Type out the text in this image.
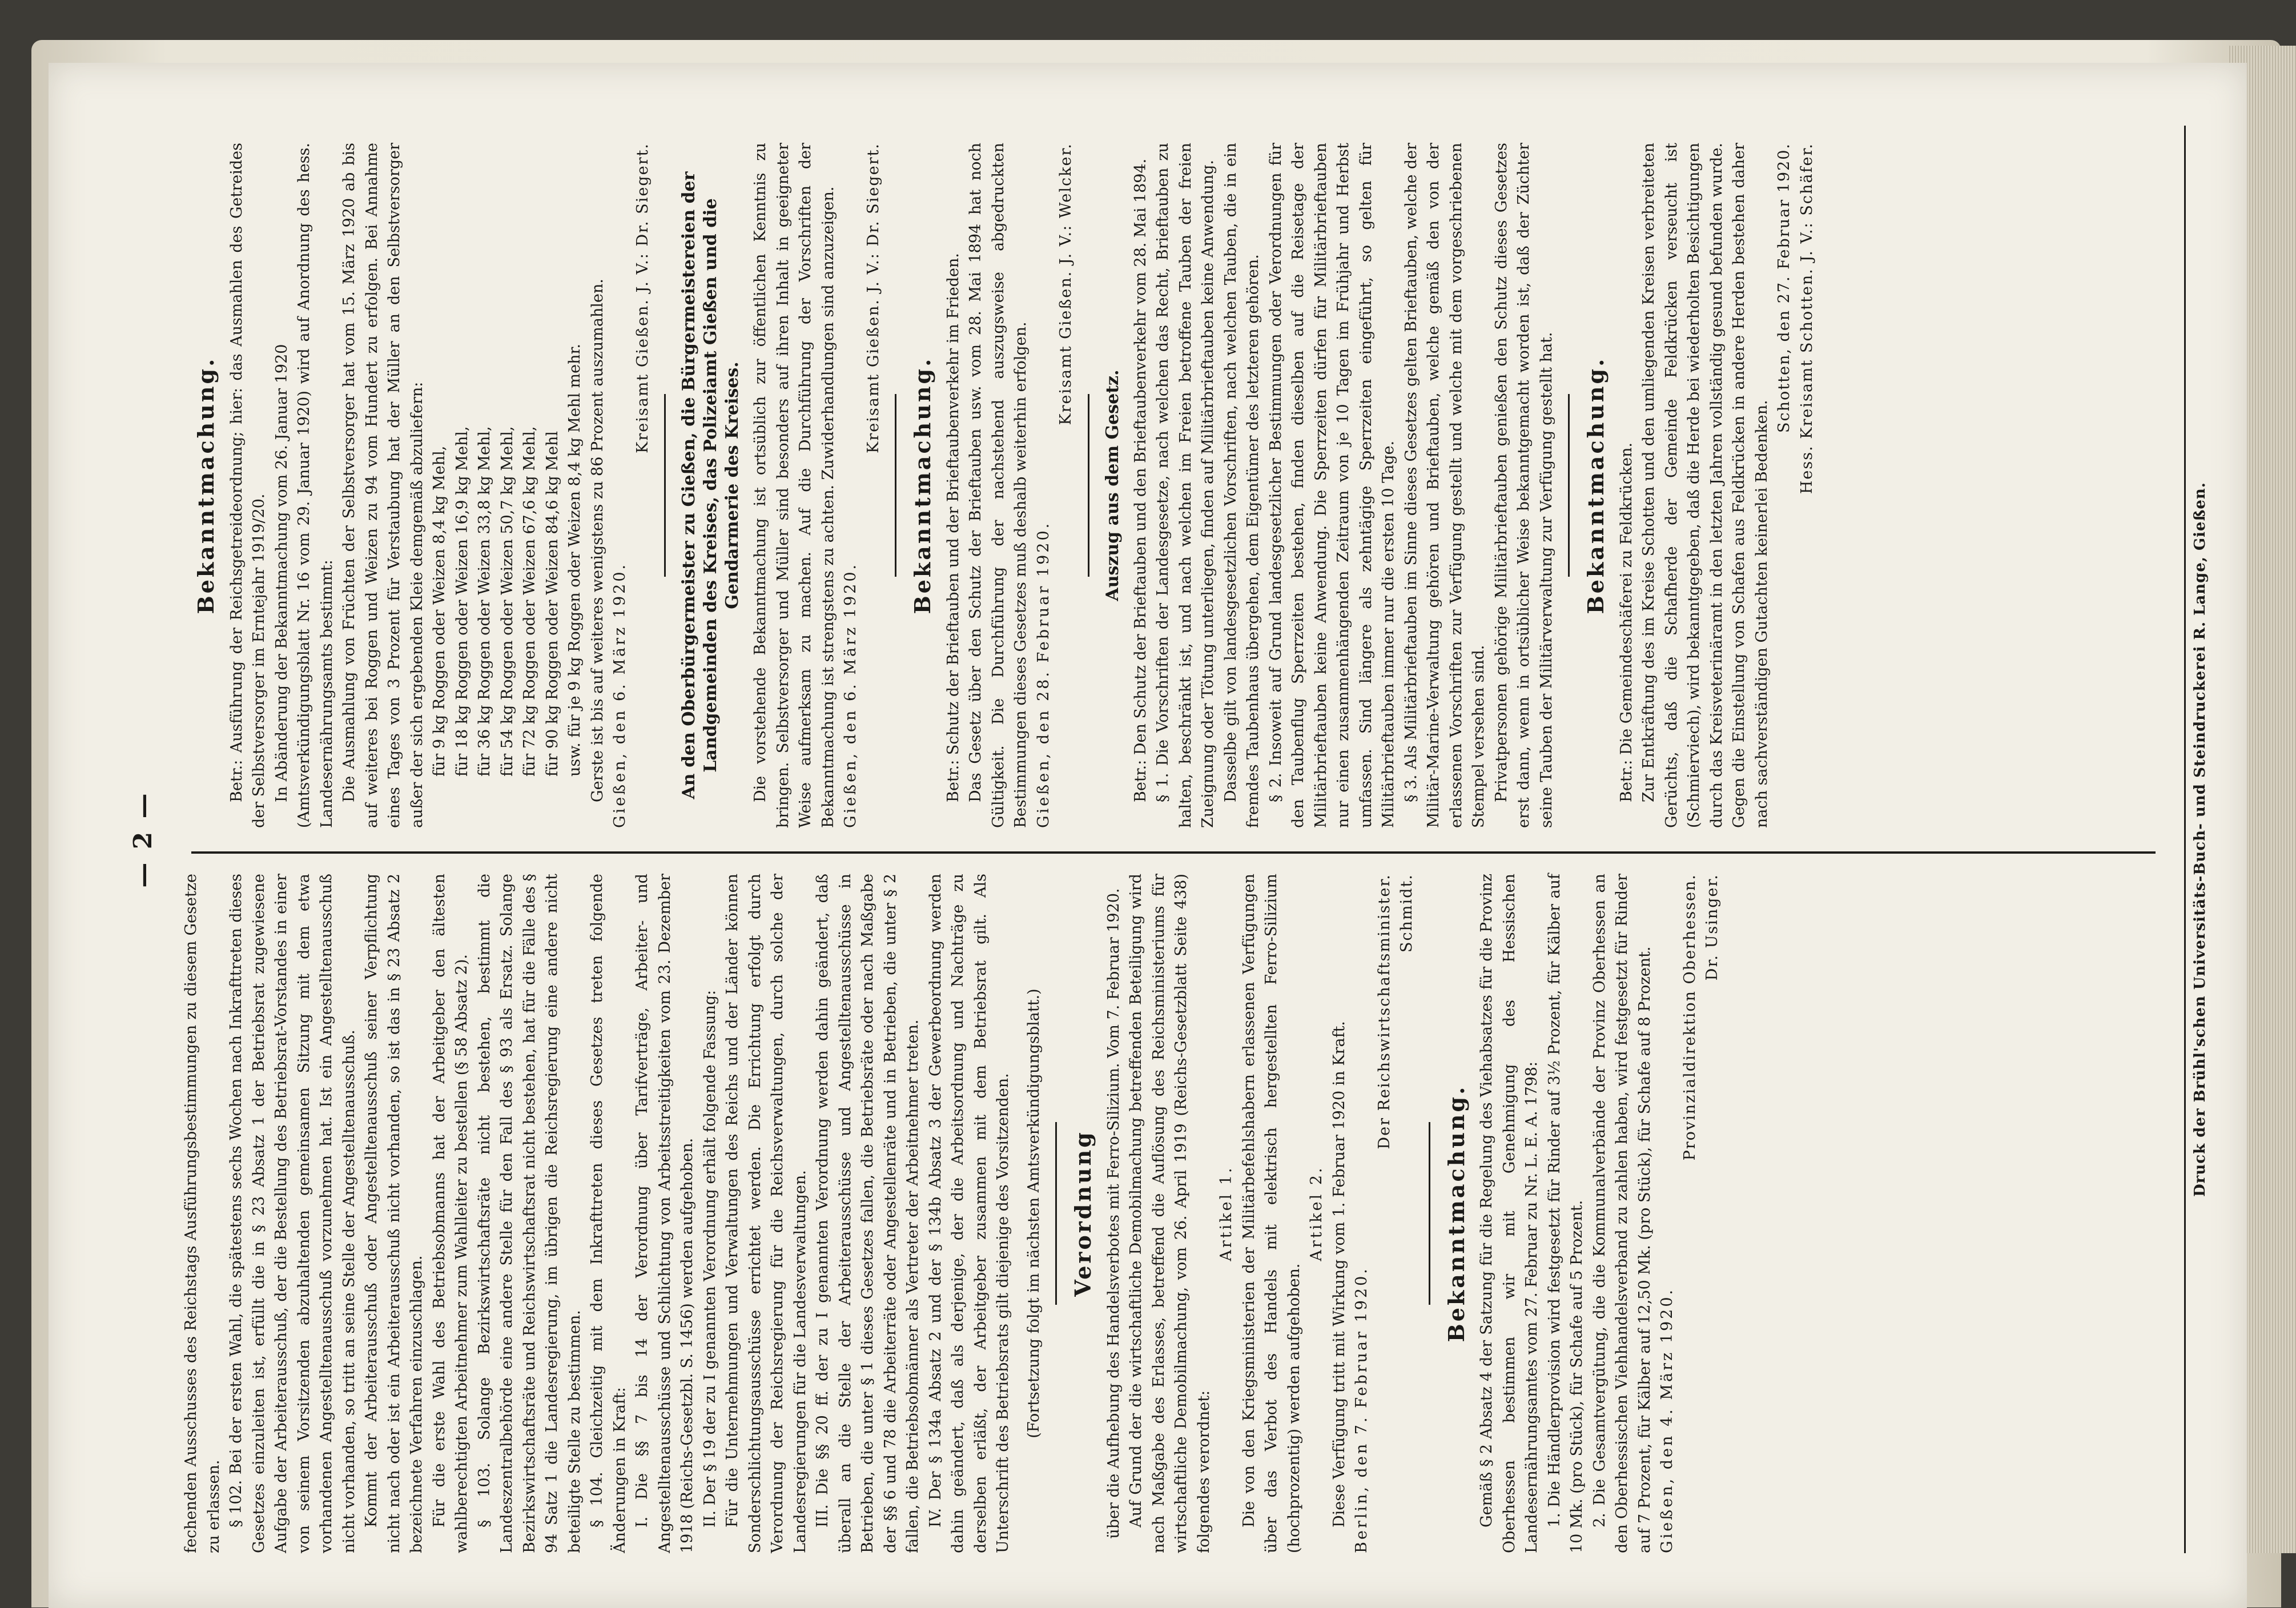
— 2 —

fechenden Ausschusses des Reichstags Ausführungsbestimmungen zu diesem Gesetze zu erlassen. § 102. Bei der ersten Wahl, die spätestens sechs Wochen nach Inkrafttreten dieses Gesetzes einzuleiten ist, erfüllt die in § 23 Absatz 1 der Betriebsrat zugewiesene Aufgabe der Arbeiterausschuß, der die Bestellung des Betriebsrat-Vorstandes in einer von seinem Vorsitzenden abzuhaltenden gemeinsamen Sitzung mit dem etwa vorhandenen Angestelltenausschuß vorzunehmen hat. Ist ein Angestelltenausschuß nicht vorhanden, so tritt an seine Stelle der Angestelltenausschuß. Kommt der Arbeiterausschuß oder Angestelltenausschuß seiner Verpflichtung nicht nach oder ist ein Arbeiterausschuß nicht vorhanden, so ist das in § 23 Absatz 2 bezeichnete Verfahren einzuschlagen. Für die erste Wahl des Betriebsobmanns hat der Arbeitgeber den ältesten wahlberechtigten Arbeitnehmer zum Wahlleiter zu bestellen (§ 58 Absatz 2). § 103. Solange Bezirkswirtschaftsräte nicht bestehen, bestimmt die Landeszentralbehörde eine andere Stelle für den Fall des § 93 als Ersatz. Solange Bezirkswirtschaftsräte und Reichswirtschaftsrat nicht bestehen, hat für die Fälle des § 94 Satz 1 die Landesregierung, im übrigen die Reichsregierung eine andere nicht beteiligte Stelle zu bestimmen. § 104. Gleichzeitig mit dem Inkrafttreten dieses Gesetzes treten folgende Änderungen in Kraft: I. Die §§ 7 bis 14 der Verordnung über Tarifverträge, Arbeiter- und Angestelltenausschüsse und Schlichtung von Arbeitsstreitigkeiten vom 23. Dezember 1918 (Reichs-Gesetzbl. S. 1456) werden aufgehoben. II. Der § 19 der zu I genannten Verordnung erhält folgende Fassung: Für die Unternehmungen und Verwaltungen des Reichs und der Länder können Sonderschlichtungsausschüsse errichtet werden. Die Errichtung erfolgt durch Verordnung der Reichsregierung für die Reichsverwaltungen, durch solche der Landesregierungen für die Landesverwaltungen. III. Die §§ 20 ff. der zu I genannten Verordnung werden dahin geändert, daß überall an die Stelle der Arbeiterausschüsse und Angestelltenausschüsse in Betrieben, die unter § 1 dieses Gesetzes fallen, die Betriebsräte oder nach Maßgabe der §§ 6 und 78 die Arbeiterräte oder Angestellenräte und in Betrieben, die unter § 2 fallen, die Betriebsobmänner als Vertreter der Arbeitnehmer treten. IV. Der § 134a Absatz 2 und der § 134b Absatz 3 der Gewerbeordnung werden dahin geändert, daß als derjenige, der die Arbeitsordnung und Nachträge zu derselben erläßt, der Arbeitgeber zusammen mit dem Betriebsrat gilt. Als Unterschrift des Betriebsrats gilt diejenige des Vorsitzenden. (Fortsetzung folgt im nächsten Amtsverkündigungsblatt.) Verordnung über die Aufhebung des Handelsverbotes mit Ferro-Silizium. Vom 7. Februar 1920. Auf Grund der die wirtschaftliche Demobilmachung betreffenden Beteiligung wird nach Maßgabe des Erlasses, betreffend die Auflösung des Reichsministeriums für wirtschaftliche Demobilmachung, vom 26. April 1919 (Reichs-Gesetzblatt Seite 438) folgendes verordnet:

Artikel 1. Die von den Kriegsministerien der Militärbefehlshabern erlassenen Verfügungen über das Verbot des Handels mit elektrisch hergestellten Ferro-Silizium (hochprozentig) werden aufgehoben.

Artikel 2. Diese Verfügung tritt mit Wirkung vom 1. Februar 1920 in Kraft. Berlin, den 7. Februar 1920.

Der Reichswirtschaftsminister. Schmidt.

Bekanntmachung. Gemäß § 2 Absatz 4 der Satzung für die Regelung des Viehabsatzes für die Provinz Oberhessen bestimmen wir mit Genehmigung des Hessischen Landesernährungsamtes vom 27. Februar zu Nr. L. E. A. 1798: 1. Die Händlerprovision wird festgesetzt für Rinder auf 3½ Prozent, für Kälber auf 10 Mk. (pro Stück), für Schafe auf 5 Prozent. 2. Die Gesamtvergütung, die die Kommunalverbände der Provinz Oberhessen an den Oberhessischen Viehhandelsverband zu zahlen haben, wird festgesetzt für Rinder auf 7 Prozent, für Kälber auf 12,50 Mk. (pro Stück), für Schafe auf 8 Prozent. Gießen, den 4. März 1920.

Provinzialdirektion Oberhessen. Dr. Usinger.

Bekanntmachung. Betr.: Ausführung der Reichsgetreideordnung; hier: das Ausmahlen des Getreides der Selbstversorger im Erntejahr 1919/20. In Abänderung der Bekanntmachung vom 26. Januar 1920 (Amtsverkündigungsblatt Nr. 16 vom 29. Januar 1920) wird auf Anordnung des hess. Landesernährungsamts bestimmt: Die Ausmahlung von Früchten der Selbstversorger hat vom 15. März 1920 ab bis auf weiteres bei Roggen und Weizen zu 94 vom Hundert zu erfolgen. Bei Annahme eines Tages von 3 Prozent für Verstaubung hat der Müller an den Selbstversorger außer der sich ergebenden Kleie demgemäß abzuliefern: für 9 kg Roggen oder Weizen 8,4 kg Mehl,
für 18 kg Roggen oder Weizen 16,9 kg Mehl,
für 36 kg Roggen oder Weizen 33,8 kg Mehl,
für 54 kg Roggen oder Weizen 50,7 kg Mehl,
für 72 kg Roggen oder Weizen 67,6 kg Mehl,
für 90 kg Roggen oder Weizen 84,6 kg Mehl
usw. für je 9 kg Roggen oder Weizen 8,4 kg Mehl mehr. Gerste ist bis auf weiteres wenigstens zu 86 Prozent auszumahlen. Gießen, den 6. März 1920.

Kreisamt Gießen. J. V.: Dr. Siegert. An den Oberbürgermeister zu Gießen, die Bürgermeistereien der Landgemeinden des Kreises, das Polizeiamt Gießen und die Gendarmerie des Kreises. Die vorstehende Bekanntmachung ist ortsüblich zur öffentlichen Kenntnis zu bringen. Selbstversorger und Müller sind besonders auf ihren Inhalt in geeigneter Weise aufmerksam zu machen. Auf die Durchführung der Vorschriften der Bekanntmachung ist strengstens zu achten. Zuwiderhandlungen sind anzuzeigen. Gießen, den 6. März 1920.

Kreisamt Gießen. J. V.: Dr. Siegert.

Bekanntmachung. Betr.: Schutz der Brieftauben und der Brieftaubenverkehr im Frieden. Das Gesetz über den Schutz der Brieftauben usw. vom 28. Mai 1894 hat noch Gültigkeit. Die Durchführung der nachstehend auszugsweise abgedruckten Bestimmungen dieses Gesetzes muß deshalb weiterhin erfolgen. Gießen, den 28. Februar 1920.

Kreisamt Gießen. J. V.: Welcker.

Auszug aus dem Gesetz. Betr.: Den Schutz der Brieftauben und den Brieftaubenverkehr vom 28. Mai 1894. § 1. Die Vorschriften der Landesgesetze, nach welchen das Recht, Brieftauben zu halten, beschränkt ist, und nach welchen im Freien betroffene Tauben der freien Zueignung oder Tötung unterliegen, finden auf Militärbrieftauben keine Anwendung. Dasselbe gilt von landesgesetzlichen Vorschriften, nach welchen Tauben, die in ein fremdes Taubenhaus übergehen, dem Eigentümer des letzteren gehören. § 2. Insoweit auf Grund landesgesetzlicher Bestimmungen oder Verordnungen für den Taubenflug Sperrzeiten bestehen, finden dieselben auf die Reisetage der Militärbrieftauben keine Anwendung. Die Sperrzeiten dürfen für Militärbrieftauben nur einen zusammenhängenden Zeitraum von je 10 Tagen im Frühjahr und Herbst umfassen. Sind längere als zehntägige Sperrzeiten eingeführt, so gelten für Militärbrieftauben immer nur die ersten 10 Tage. § 3. Als Militärbrieftauben im Sinne dieses Gesetzes gelten Brieftauben, welche der Militär-Marine-Verwaltung gehören und Brieftauben, welche gemäß den von der erlassenen Vorschriften zur Verfügung gestellt und welche mit dem vorgeschriebenen Stempel versehen sind. Privatpersonen gehörige Militärbrieftauben genießen den Schutz dieses Gesetzes erst dann, wenn in ortsüblicher Weise bekanntgemacht worden ist, daß der Züchter seine Tauben der Militärverwaltung zur Verfügung gestellt hat. Bekanntmachung. Betr.: Die Gemeindeschäferei zu Feldkrücken. Zur Entkräftung des im Kreise Schotten und den umliegenden Kreisen verbreiteten Gerüchts, daß die Schafherde der Gemeinde Feldkrücken verseucht ist (Schmierviech), wird bekanntgegeben, daß die Herde bei wiederholten Besichtigungen durch das Kreisveterinäramt in den letzten Jahren vollständig gesund befunden wurde. Gegen die Einstellung von Schafen aus Feldkrücken in andere Herden bestehen daher nach sachverständigen Gutachten keinerlei Bedenken.

Schotten, den 27. Februar 1920. Hess. Kreisamt Schotten. J. V.: Schäfer.

Druck der Brühl'schen Universitäts-Buch- und Steindruckerei R. Lange, Gießen.
